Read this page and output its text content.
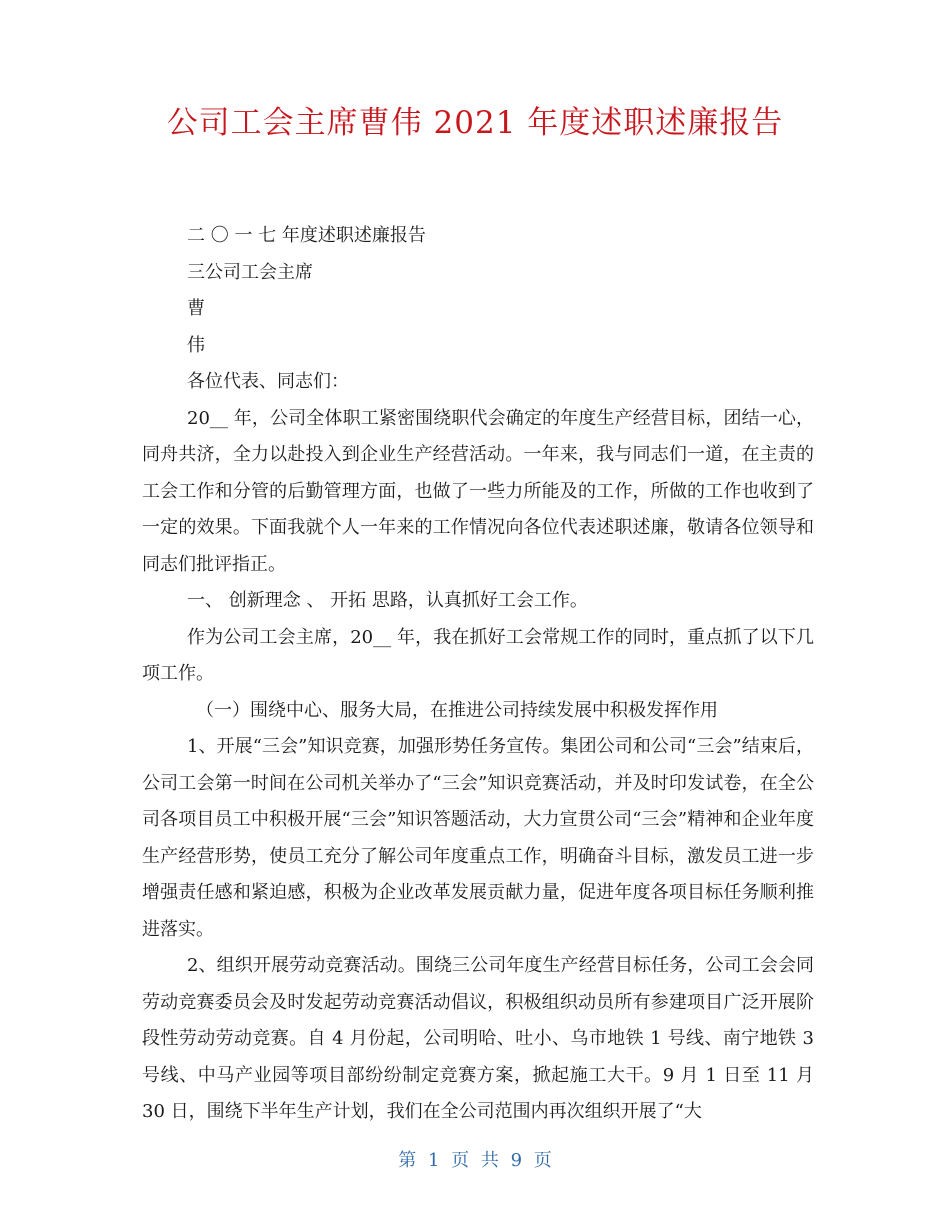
公司工会主席曹伟 2021 年度述职述廉报告

二 〇 一 七 年度述职述廉报告

三公司工会主席

曹

伟

各位代表、同志们：

20__ 年，公司全体职工紧密围绕职代会确定的年度生产经营目标，团结一心，同舟共济，全力以赴投入到企业生产经营活动。一年来，我与同志们一道，在主责的工会工作和分管的后勤管理方面，也做了一些力所能及的工作，所做的工作也收到了一定的效果。下面我就个人一年来的工作情况向各位代表述职述廉，敬请各位领导和同志们批评指正。

一、 创新理念 、 开拓 思路，认真抓好工会工作。

作为公司工会主席，20__ 年，我在抓好工会常规工作的同时，重点抓了以下几项工作。

（一）围绕中心、服务大局，在推进公司持续发展中积极发挥作用

1、开展“三会”知识竞赛，加强形势任务宣传。集团公司和公司“三会”结束后，公司工会第一时间在公司机关举办了“三会”知识竞赛活动，并及时印发试卷，在全公司各项目员工中积极开展“三会”知识答题活动，大力宣贯公司“三会”精神和企业年度生产经营形势，使员工充分了解公司年度重点工作，明确奋斗目标，激发员工进一步增强责任感和紧迫感，积极为企业改革发展贡献力量，促进年度各项目标任务顺利推进落实。

2、组织开展劳动竞赛活动。围绕三公司年度生产经营目标任务，公司工会会同劳动竞赛委员会及时发起劳动竞赛活动倡议，积极组织动员所有参建项目广泛开展阶段性劳动劳动竞赛。自 4 月份起，公司明哈、吐小、乌市地铁 1 号线、南宁地铁 3 号线、中马产业园等项目部纷纷制定竞赛方案，掀起施工大干。9 月 1 日至 11 月 30 日，围绕下半年生产计划，我们在全公司范围内再次组织开展了“大

第 1 页 共 9 页
